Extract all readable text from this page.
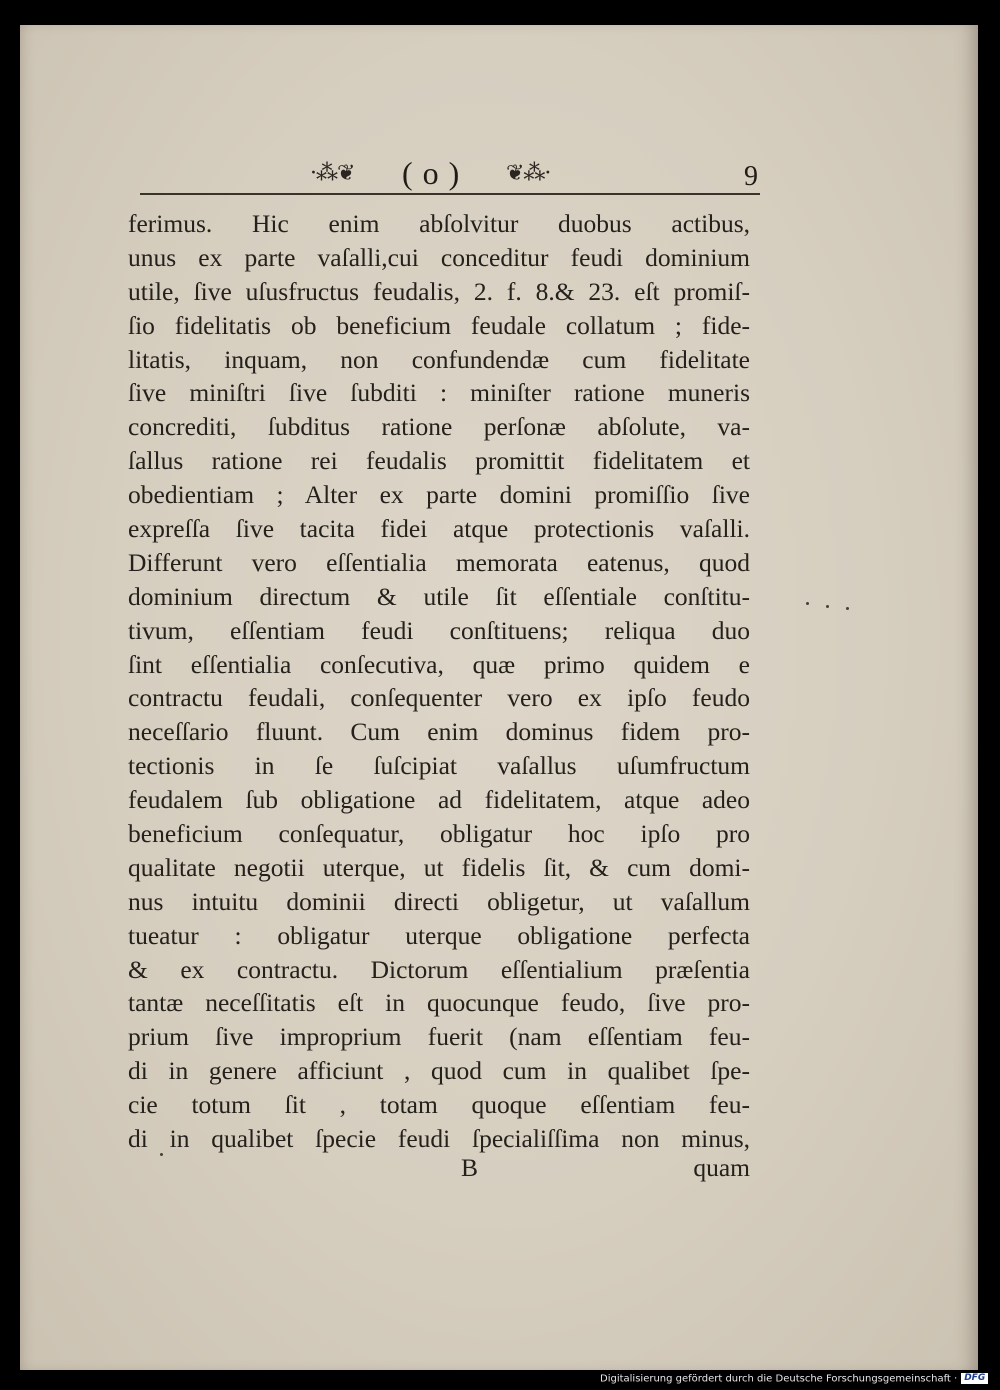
·⁂❦ (o) ❦⁂·	9
ferimus. Hic enim abſolvitur duobus actibus,
unus ex parte vaſalli,cui conceditur feudi dominium
utile, ſive uſusfructus feudalis, 2. f. 8.& 23. eſt promiſ-
ſio fidelitatis ob beneficium feudale collatum ; fide-
litatis, inquam, non confundendæ cum fidelitate
ſive miniſtri ſive ſubditi : miniſter ratione muneris
concrediti, ſubditus ratione perſonæ abſolute, va-
ſallus ratione rei feudalis promittit fidelitatem et
obedientiam ; Alter ex parte domini promiſſio ſive
expreſſa ſive tacita fidei atque protectionis vaſalli.
Differunt vero eſſentialia memorata eatenus, quod
dominium directum & utile ſit eſſentiale conſtitu-
tivum, eſſentiam feudi conſtituens; reliqua duo
ſint eſſentialia conſecutiva, quæ primo quidem e
contractu feudali, conſequenter vero ex ipſo feudo
neceſſario fluunt. Cum enim dominus fidem pro-
tectionis in ſe ſuſcipiat vaſallus uſumfructum
feudalem ſub obligatione ad fidelitatem, atque adeo
beneficium conſequatur, obligatur hoc ipſo pro
qualitate negotii uterque, ut fidelis ſit, & cum domi-
nus intuitu dominii directi obligetur, ut vaſallum
tueatur : obligatur uterque obligatione perfecta
& ex contractu. Dictorum eſſentialium præſentia
tantæ neceſſitatis eſt in quocunque feudo, ſive pro-
prium ſive improprium fuerit (nam eſſentiam feu-
di in genere afficiunt , quod cum in qualibet ſpe-
cie totum ſit , totam quoque eſſentiam feu-
di in qualibet ſpecie feudi ſpecialiſſima non minus,
B	quam
Digitalisierung gefördert durch die Deutsche Forschungsgemeinschaft · DFG
